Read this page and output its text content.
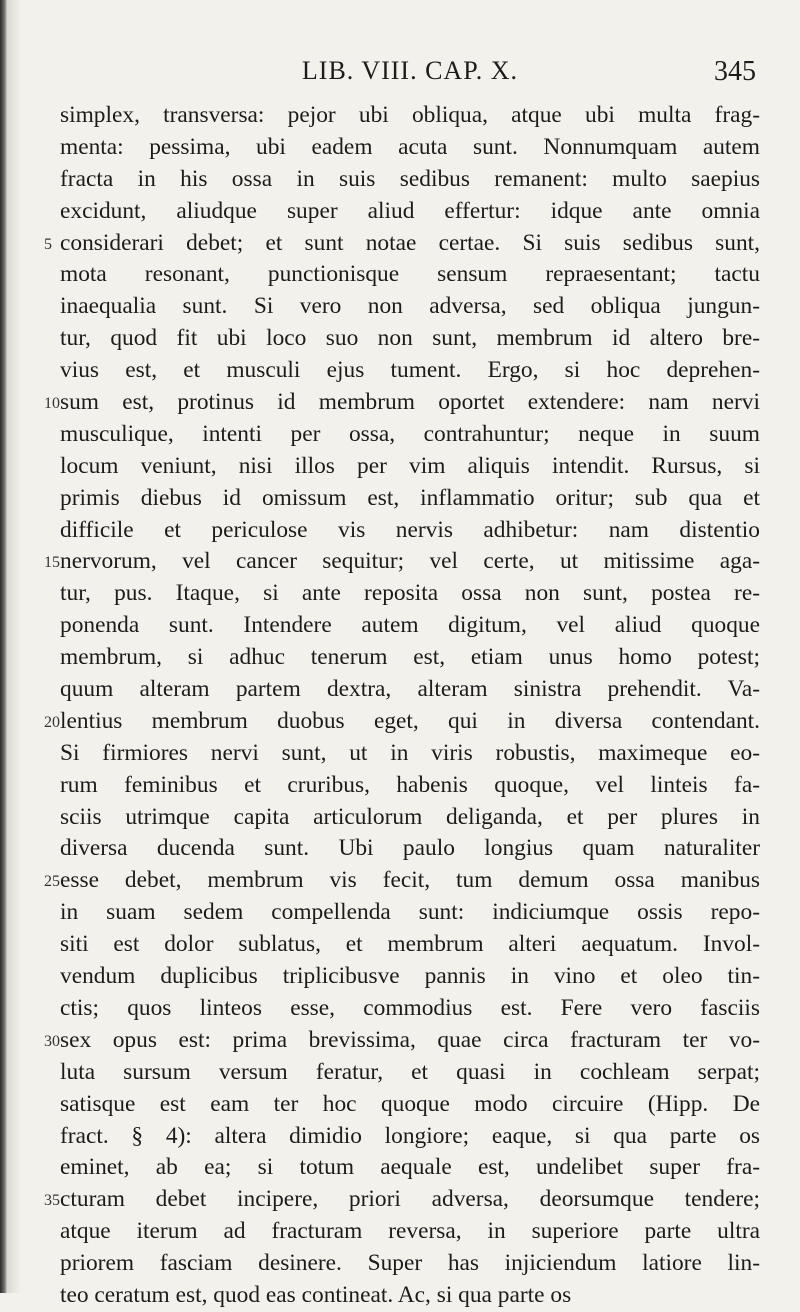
LIB. VIII. CAP. X.	345
simplex, transversa: pejor ubi obliqua, atque ubi multa frag-
menta: pessima, ubi eadem acuta sunt. Nonnumquam autem
fracta in his ossa in suis sedibus remanent: multo saepius
excidunt, aliudque super aliud effertur: idque ante omnia
5 considerari debet; et sunt notae certae. Si suis sedibus sunt,
mota resonant, punctionisque sensum repraesentant; tactu
inaequalia sunt. Si vero non adversa, sed obliqua jungun-
tur, quod fit ubi loco suo non sunt, membrum id altero bre-
vius est, et musculi ejus tument. Ergo, si hoc deprehen-
10 sum est, protinus id membrum oportet extendere: nam nervi
musculique, intenti per ossa, contrahuntur; neque in suum
locum veniunt, nisi illos per vim aliquis intendit. Rursus, si
primis diebus id omissum est, inflammatio oritur; sub qua et
difficile et periculose vis nervis adhibetur: nam distentio
15 nervorum, vel cancer sequitur; vel certe, ut mitissime aga-
tur, pus. Itaque, si ante reposita ossa non sunt, postea re-
ponenda sunt. Intendere autem digitum, vel aliud quoque
membrum, si adhuc tenerum est, etiam unus homo potest;
quum alteram partem dextra, alteram sinistra prehendit. Va-
20 lentius membrum duobus eget, qui in diversa contendant.
Si firmiores nervi sunt, ut in viris robustis, maximeque eo-
rum feminibus et cruribus, habenis quoque, vel linteis fa-
sciis utrimque capita articulorum deliganda, et per plures in
diversa ducenda sunt. Ubi paulo longius quam naturaliter
25 esse debet, membrum vis fecit, tum demum ossa manibus
in suam sedem compellenda sunt: indiciumque ossis repo-
siti est dolor sublatus, et membrum alteri aequatum. Invol-
vendum duplicibus triplicibusve pannis in vino et oleo tin-
ctis; quos linteos esse, commodius est. Fere vero fasciis
30 sex opus est: prima brevissima, quae circa fracturam ter vo-
luta sursum versum feratur, et quasi in cochleam serpat;
satisque est eam ter hoc quoque modo circuire (Hipp. De
fract. § 4): altera dimidio longiore; eaque, si qua parte os
eminet, ab ea; si totum aequale est, undelibet super fra-
35 cturam debet incipere, priori adversa, deorsumque tendere;
atque iterum ad fracturam reversa, in superiore parte ultra
priorem fasciam desinere. Super has injiciendum latiore lin-
teo ceratum est, quod eas contineat. Ac, si qua parte os
